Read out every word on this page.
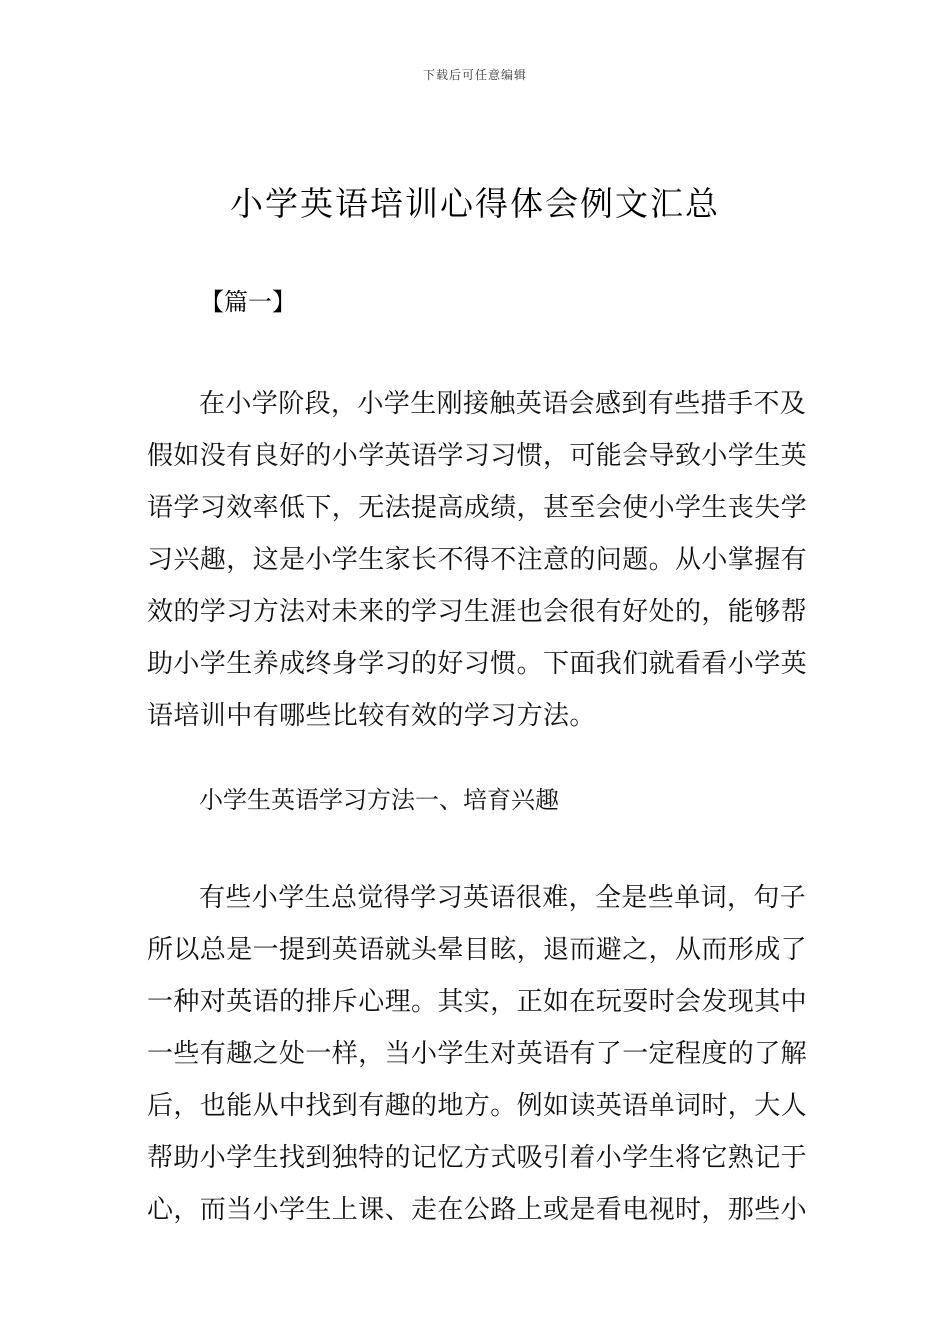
下载后可任意编辑
小学英语培训心得体会例文汇总
【篇一】
在小学阶段，小学生刚接触英语会感到有些措手不及
假如没有良好的小学英语学习习惯，可能会导致小学生英
语学习效率低下，无法提高成绩，甚至会使小学生丧失学
习兴趣，这是小学生家长不得不注意的问题。从小掌握有
效的学习方法对未来的学习生涯也会很有好处的，能够帮
助小学生养成终身学习的好习惯。下面我们就看看小学英
语培训中有哪些比较有效的学习方法。
小学生英语学习方法一、培育兴趣
有些小学生总觉得学习英语很难，全是些单词，句子
所以总是一提到英语就头晕目眩，退而避之，从而形成了
一种对英语的排斥心理。其实，正如在玩耍时会发现其中
一些有趣之处一样，当小学生对英语有了一定程度的了解
后，也能从中找到有趣的地方。例如读英语单词时，大人
帮助小学生找到独特的记忆方式吸引着小学生将它熟记于
心，而当小学生上课、走在公路上或是看电视时，那些小
